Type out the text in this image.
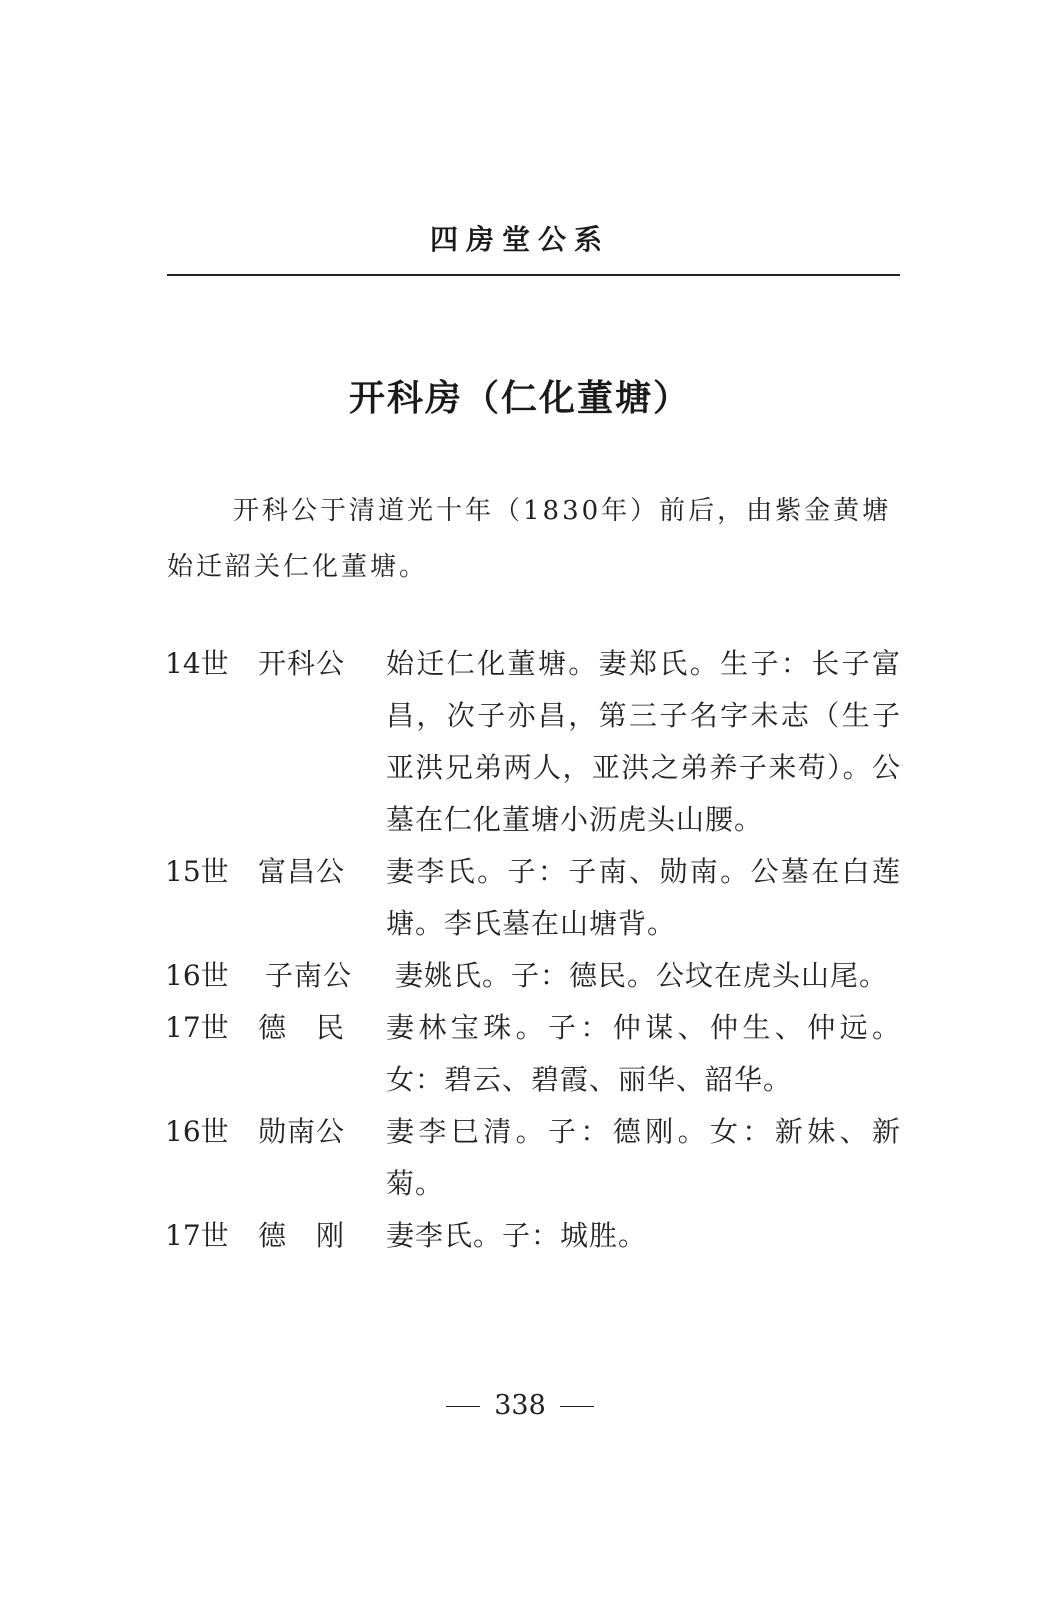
四房堂公系
开科房（仁化董塘）
开科公于清道光十年（1830年）前后，由紫金黄塘始迁韶关仁化董塘。
14世	开科公	始迁仁化董塘。妻郑氏。生子：长子富昌，次子亦昌，第三子名字未志（生子亚洪兄弟两人，亚洪之弟养子来苟）。公墓在仁化董塘小沥虎头山腰。
15世	富昌公	妻李氏。子：子南、勋南。公墓在白莲塘。李氏墓在山塘背。
16世	子南公	妻姚氏。子：德民。公坟在虎头山尾。
17世	德　民	妻林宝珠。子：仲谋、仲生、仲远。女：碧云、碧霞、丽华、韶华。
16世	勋南公	妻李巳清。子：德刚。女：新妹、新菊。
17世	德　刚	妻李氏。子：城胜。
338
